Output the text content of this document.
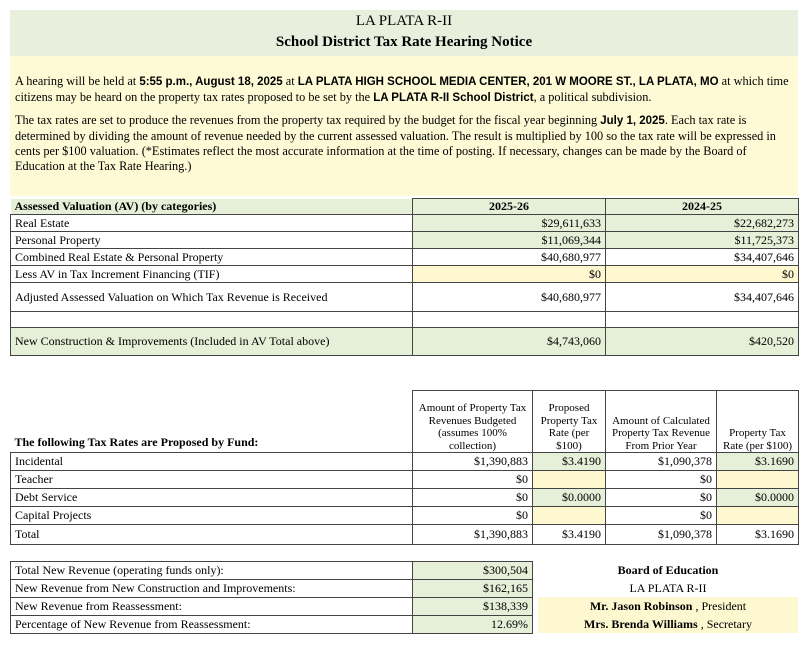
LA PLATA R-II
School District Tax Rate Hearing Notice

A hearing will be held at 5:55 p.m., August 18, 2025 at LA PLATA HIGH SCHOOL MEDIA CENTER, 201 W MOORE ST., LA PLATA, MO at which time citizens may be heard on the property tax rates proposed to be set by the LA PLATA R-II School District, a political subdivision.

The tax rates are set to produce the revenues from the property tax required by the budget for the fiscal year beginning July 1, 2025. Each tax rate is determined by dividing the amount of revenue needed by the current assessed valuation. The result is multiplied by 100 so the tax rate will be expressed in cents per $100 valuation. (*Estimates reflect the most accurate information at the time of posting. If necessary, changes can be made by the Board of Education at the Tax Rate Hearing.)

Assessed Valuation (AV) (by categories)	2025-26	2024-25
Real Estate	$29,611,633	$22,682,273
Personal Property	$11,069,344	$11,725,373
Combined Real Estate & Personal Property	$40,680,977	$34,407,646
Less AV in Tax Increment Financing (TIF)	$0	$0
Adjusted Assessed Valuation on Which Tax Revenue is Received	$40,680,977	$34,407,646

New Construction & Improvements (Included in AV Total above)	$4,743,060	$420,520
The following Tax Rates are Proposed by Fund:	Amount of Property Tax Revenues Budgeted (assumes 100% collection)	Proposed Property Tax Rate (per $100)	Amount of Calculated Property Tax Revenue From Prior Year	Property Tax Rate (per $100)
Incidental	$1,390,883	$3.4190	$1,090,378	$3.1690
Teacher	$0		$0	
Debt Service	$0	$0.0000	$0	$0.0000
Capital Projects	$0		$0	
Total	$1,390,883	$3.4190	$1,090,378	$3.1690
Total New Revenue (operating funds only):	$300,504
New Revenue from New Construction and Improvements:	$162,165
New Revenue from Reassessment:	$138,339
Percentage of New Revenue from Reassessment:	12.69%
Board of Education
LA PLATA R-II
Mr. Jason Robinson , President
Mrs. Brenda Williams , Secretary
